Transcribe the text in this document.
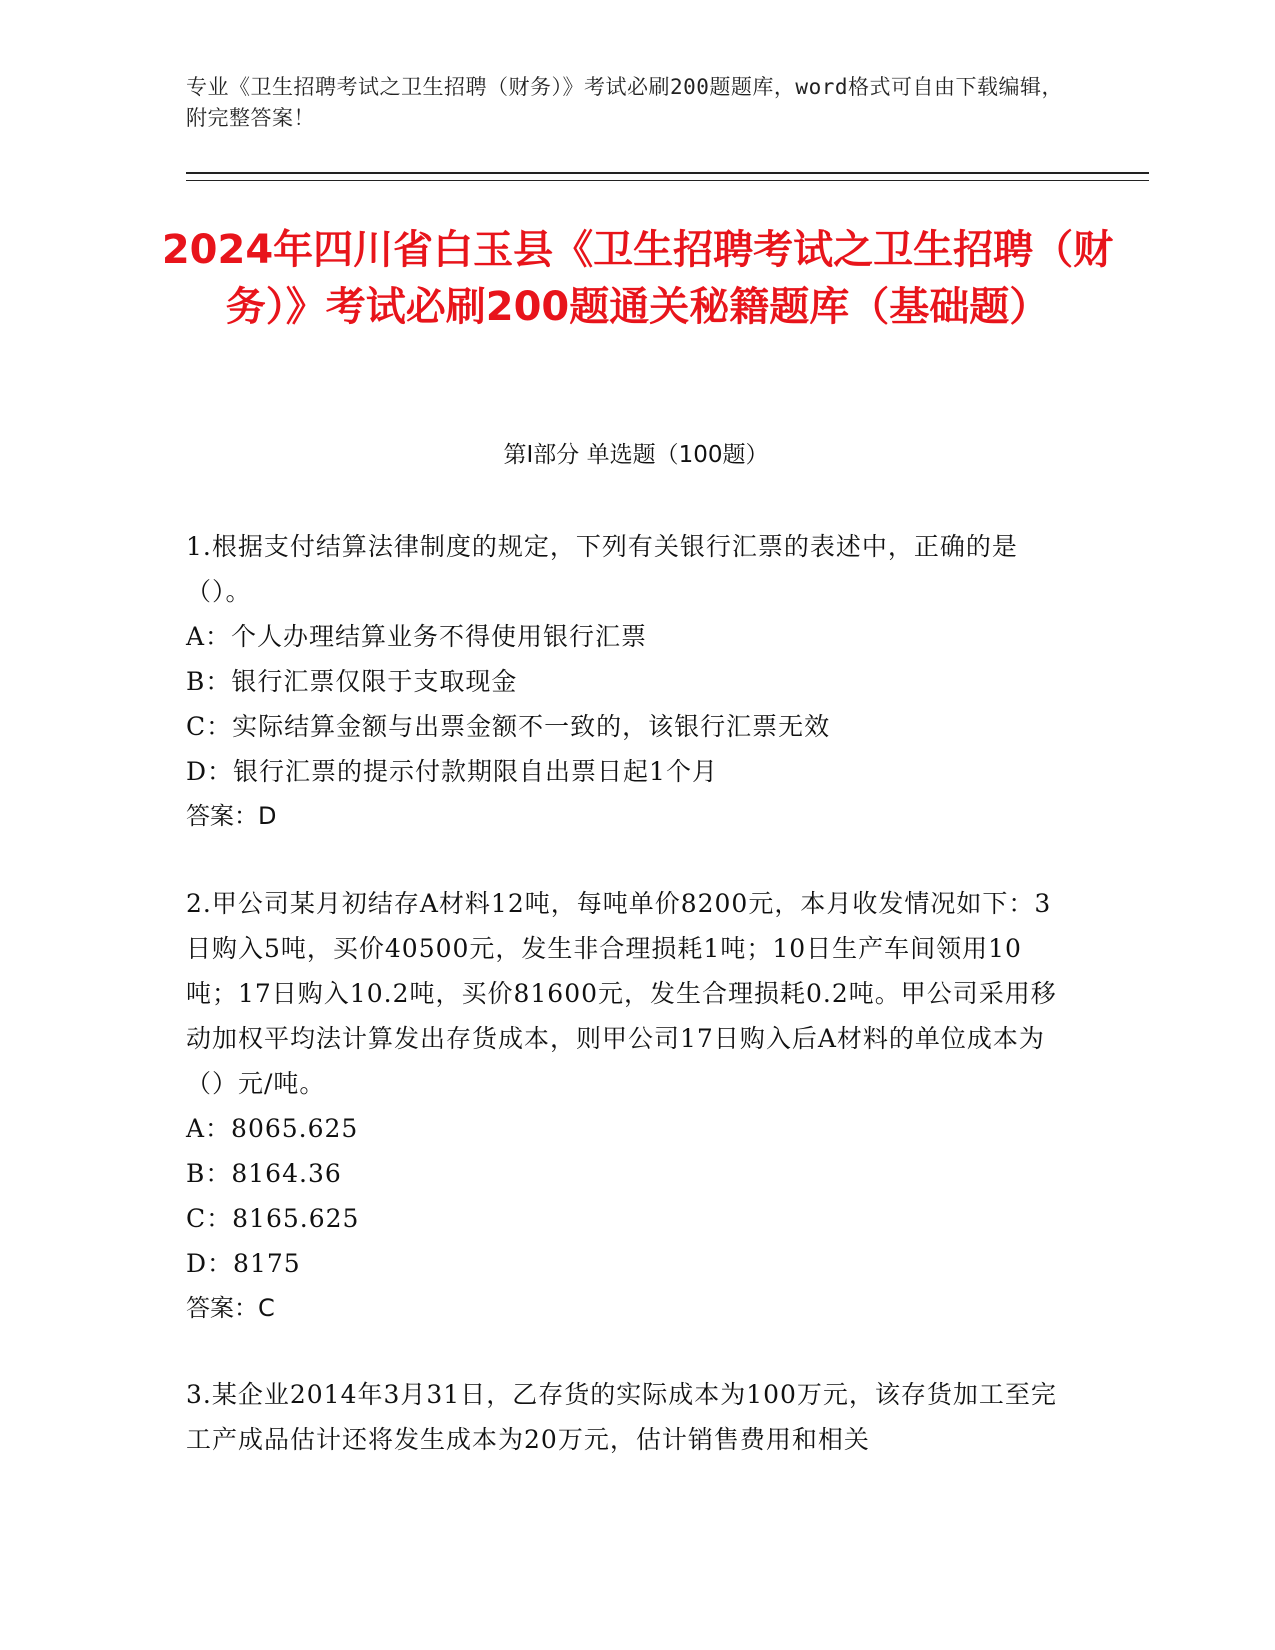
专业《卫生招聘考试之卫生招聘（财务）》考试必刷200题题库，word格式可自由下载编辑，附完整答案！
2024年四川省白玉县《卫生招聘考试之卫生招聘（财务）》考试必刷200题通关秘籍题库（基础题）
第Ⅰ部分 单选题（100题）

1.根据支付结算法律制度的规定，下列有关银行汇票的表述中，正确的是（）。

A：个人办理结算业务不得使用银行汇票

B：银行汇票仅限于支取现金

C：实际结算金额与出票金额不一致的，该银行汇票无效

D：银行汇票的提示付款期限自出票日起1个月

答案：D

2.甲公司某月初结存A材料12吨，每吨单价8200元，本月收发情况如下：3日购入5吨，买价40500元，发生非合理损耗1吨；10日生产车间领用10吨；17日购入10.2吨，买价81600元，发生合理损耗0.2吨。甲公司采用移动加权平均法计算发出存货成本，则甲公司17日购入后A材料的单位成本为（）元/吨。

A：8065.625

B：8164.36

C：8165.625

D：8175

答案：C

3.某企业2014年3月31日，乙存货的实际成本为100万元，该存货加工至完工产成品估计还将发生成本为20万元，估计销售费用和相关
